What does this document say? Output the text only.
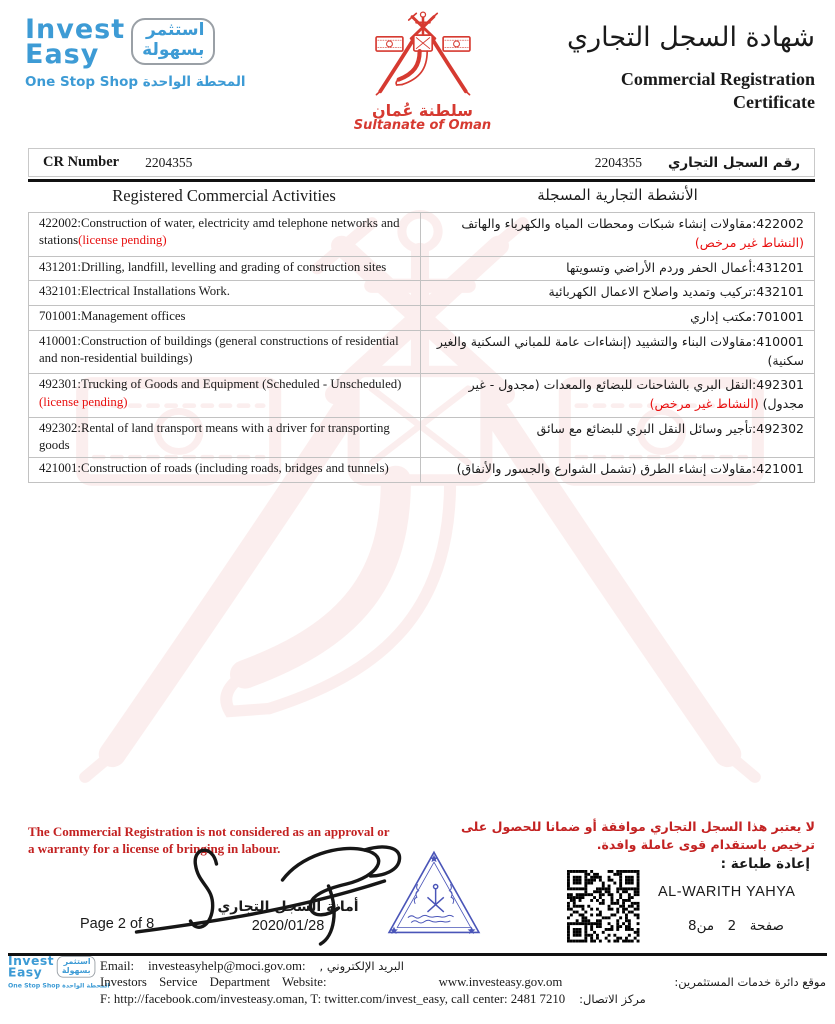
Invest
Easy
استثمر
بسهولة
One Stop Shop المحطة الواحدة
سلطنة عُمان
Sultanate of Oman
شهادة السجل التجاري
Commercial Registration
Certificate
CR Number 2204355	2204355 رقم السجل التجاري
Registered Commercial Activities	الأنشطة التجارية المسجلة
422002:Construction of water, electricity amd telephone networks and stations(license pending)
422002:مقاولات إنشاء شبكات ومحطات المياه والكهرباء والهاتف (النشاط غير مرخص)
431201:Drilling, landfill, levelling and grading of construction sites	431201:أعمال الحفر وردم الأراضي وتسويتها
432101:Electrical Installations Work.	432101:تركيب وتمديد واصلاح الاعمال الكهربائية
701001:Management offices	701001:مكتب إداري
410001:Construction of buildings (general constructions of residential and non-residential buildings)
410001:مقاولات البناء والتشييد (إنشاءات عامة للمباني السكنية والغير سكنية)
492301:Trucking of Goods and Equipment (Scheduled - Unscheduled)(license pending)
492301:النقل البري بالشاحنات للبضائع والمعدات (مجدول - غير مجدول) (النشاط غير مرخص)
492302:Rental of land transport means with a driver for transporting goods
492302:تأجير وسائل النقل البري للبضائع مع سائق
421001:Construction of roads (including roads, bridges and tunnels)	421001:مقاولات إنشاء الطرق (تشمل الشوارع والجسور والأنفاق)
The Commercial Registration is not considered as an approval or a warranty for a license of bringing in labour.
لا يعتبر هذا السجل التجاري موافقة أو ضمانا للحصول على ترخيص باستقدام قوى عاملة وافدة.
إعادة طباعة :
AL-WARITH YAHYA
صفحة
2
من8
Page 2 of 8
أمانة السجل التجاري
2020/01/28
Invest
Easy
استثمر
بسهولة
One Stop Shop المحطة الواحدة
Email: investeasyhelp@moci.gov.om: البريد الإلكتروني ,
Investors Service Department Website:	www.investeasy.gov.om	موقع دائرة خدمات المستثمرين:
F: http://facebook.com/investeasy.oman, T: twitter.com/invest_easy, call center: 2481 7210 مركز الاتصال:
